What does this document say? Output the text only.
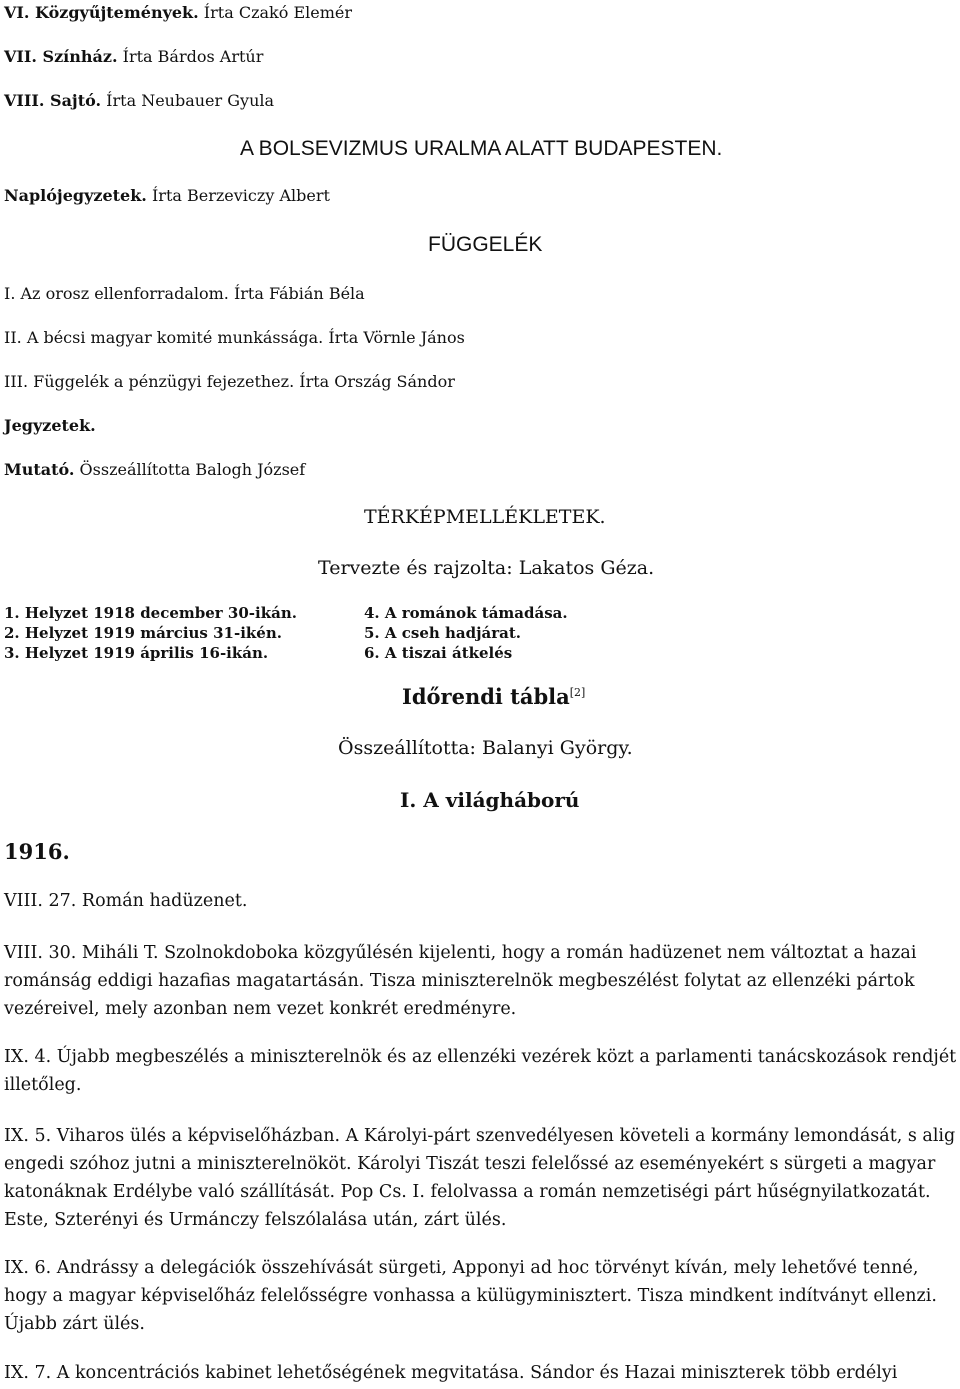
VI. Közgyűjtemények. Írta Czakó Elemér
VII. Színház. Írta Bárdos Artúr
VIII. Sajtó. Írta Neubauer Gyula
A BOLSEVIZMUS URALMA ALATT BUDAPESTEN.
Naplójegyzetek. Írta Berzeviczy Albert
FÜGGELÉK
I. Az orosz ellenforradalom. Írta Fábián Béla
II. A bécsi magyar komité munkássága. Írta Vörnle János
III. Függelék a pénzügyi fejezethez. Írta Ország Sándor
Jegyzetek.
Mutató. Összeállította Balogh József
TÉRKÉPMELLÉKLETEK.
Tervezte és rajzolta: Lakatos Géza.
1. Helyzet 1918 december 30-ikán.
2. Helyzet 1919 március 31-ikén.
3. Helyzet 1919 április 16-ikán.
4. A románok támadása.
5. A cseh hadjárat.
6. A tiszai átkelés
Időrendi tábla[2]
Összeállította: Balanyi György.
I. A világháború
1916.

VIII. 27. Román hadüzenet.

VIII. 30. Miháli T. Szolnokdoboka közgyűlésén kijelenti, hogy a román hadüzenet nem változtat a hazai románság eddigi hazafias magatartásán. Tisza miniszterelnök megbeszélést folytat az ellenzéki pártok vezéreivel, mely azonban nem vezet konkrét eredményre.

IX. 4. Újabb megbeszélés a miniszterelnök és az ellenzéki vezérek közt a parlamenti tanácskozások rendjét illetőleg.

IX. 5. Viharos ülés a képviselőházban. A Károlyi-párt szenvedélyesen követeli a kormány lemondását, s alig engedi szóhoz jutni a miniszterelnököt. Károlyi Tiszát teszi felelőssé az eseményekért s sürgeti a magyar katonáknak Erdélybe való szállítását. Pop Cs. I. felolvassa a román nemzetiségi párt hűségnyilatkozatát. Este, Szterényi és Urmánczy felszólalása után, zárt ülés.

IX. 6. Andrássy a delegációk összehívását sürgeti, Apponyi ad hoc törvényt kíván, mely lehetővé tenné, hogy a magyar képviselőház felelősségre vonhassa a külügyminisztert. Tisza mindkent indítványt ellenzi. Újabb zárt ülés.

IX. 7. A koncentrációs kabinet lehetőségének megvitatása. Sándor és Hazai miniszterek több erdélyi
